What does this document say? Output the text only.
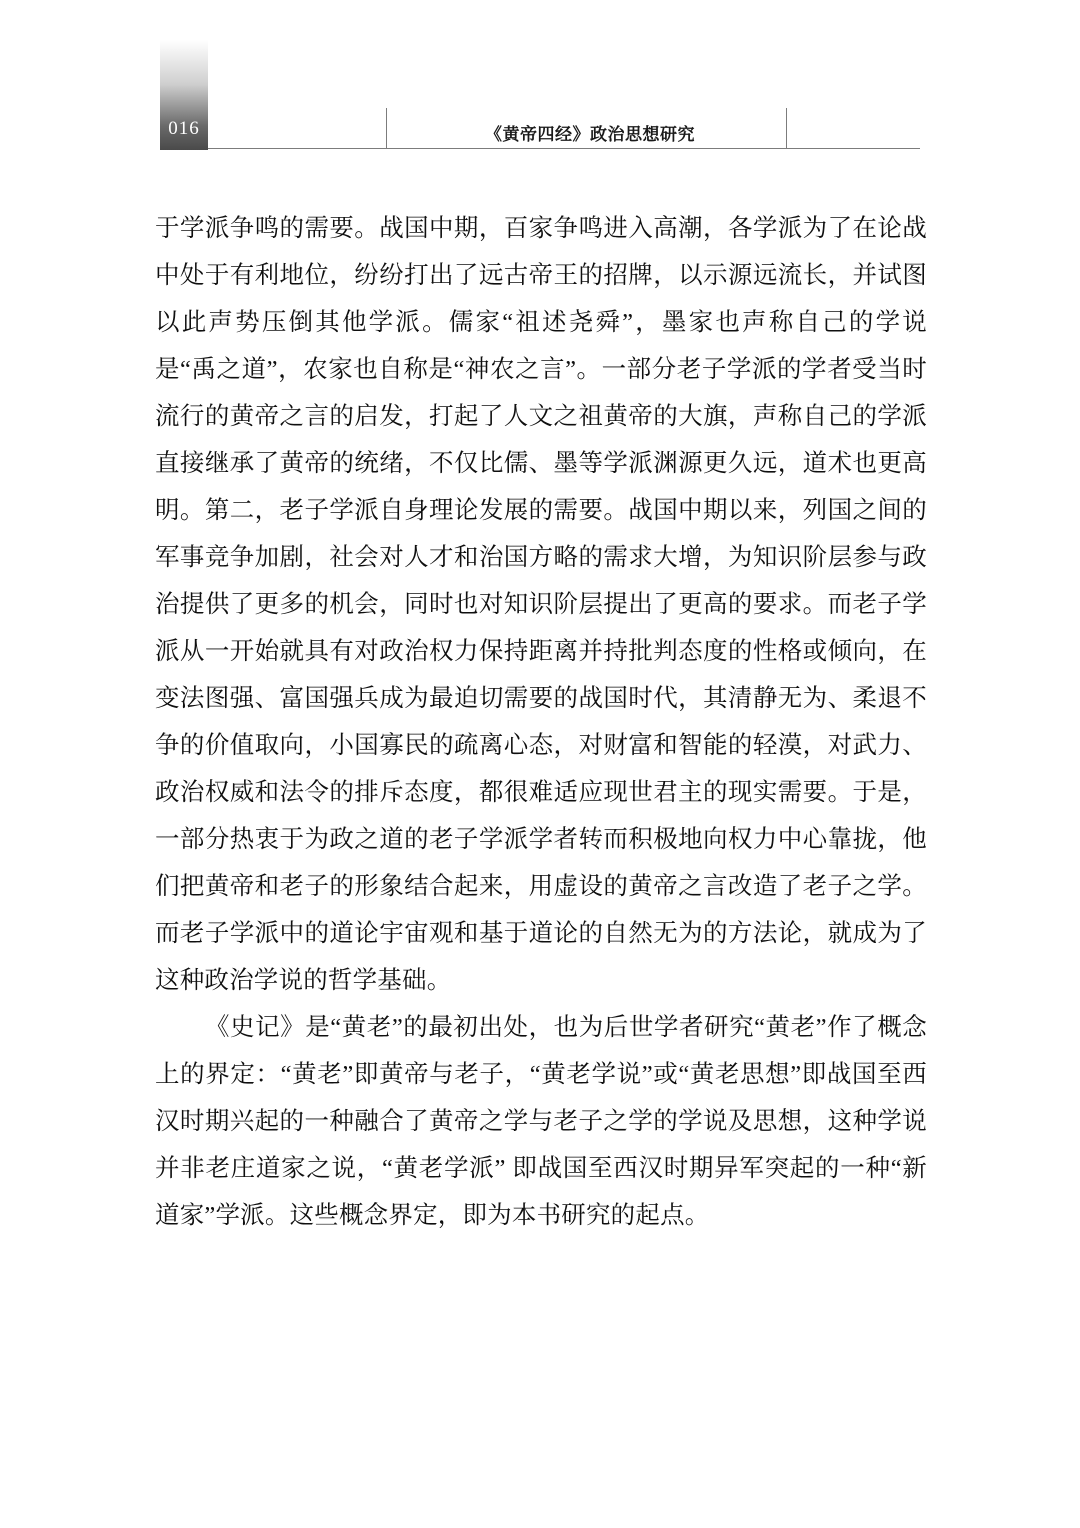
016	《黄帝四经》政治思想研究

于学派争鸣的需要。战国中期，百家争鸣进入高潮，各学派为了在论战中处于有利地位，纷纷打出了远古帝王的招牌，以示源远流长，并试图以此声势压倒其他学派。儒家“祖述尧舜”，墨家也声称自己的学说是“禹之道”，农家也自称是“神农之言”。一部分老子学派的学者受当时流行的黄帝之言的启发，打起了人文之祖黄帝的大旗，声称自己的学派直接继承了黄帝的统绪，不仅比儒、墨等学派渊源更久远，道术也更高明。第二，老子学派自身理论发展的需要。战国中期以来，列国之间的军事竞争加剧，社会对人才和治国方略的需求大增，为知识阶层参与政治提供了更多的机会，同时也对知识阶层提出了更高的要求。而老子学派从一开始就具有对政治权力保持距离并持批判态度的性格或倾向，在变法图强、富国强兵成为最迫切需要的战国时代，其清静无为、柔退不争的价值取向，小国寡民的疏离心态，对财富和智能的轻漠，对武力、政治权威和法令的排斥态度，都很难适应现世君主的现实需要。于是，一部分热衷于为政之道的老子学派学者转而积极地向权力中心靠拢，他们把黄帝和老子的形象结合起来，用虚设的黄帝之言改造了老子之学。而老子学派中的道论宇宙观和基于道论的自然无为的方法论，就成为了这种政治学说的哲学基础。

《史记》是“黄老”的最初出处，也为后世学者研究“黄老”作了概念上的界定：“黄老”即黄帝与老子，“黄老学说”或“黄老思想”即战国至西汉时期兴起的一种融合了黄帝之学与老子之学的学说及思想，这种学说并非老庄道家之说，“黄老学派” 即战国至西汉时期异军突起的一种“新道家”学派。这些概念界定，即为本书研究的起点。
